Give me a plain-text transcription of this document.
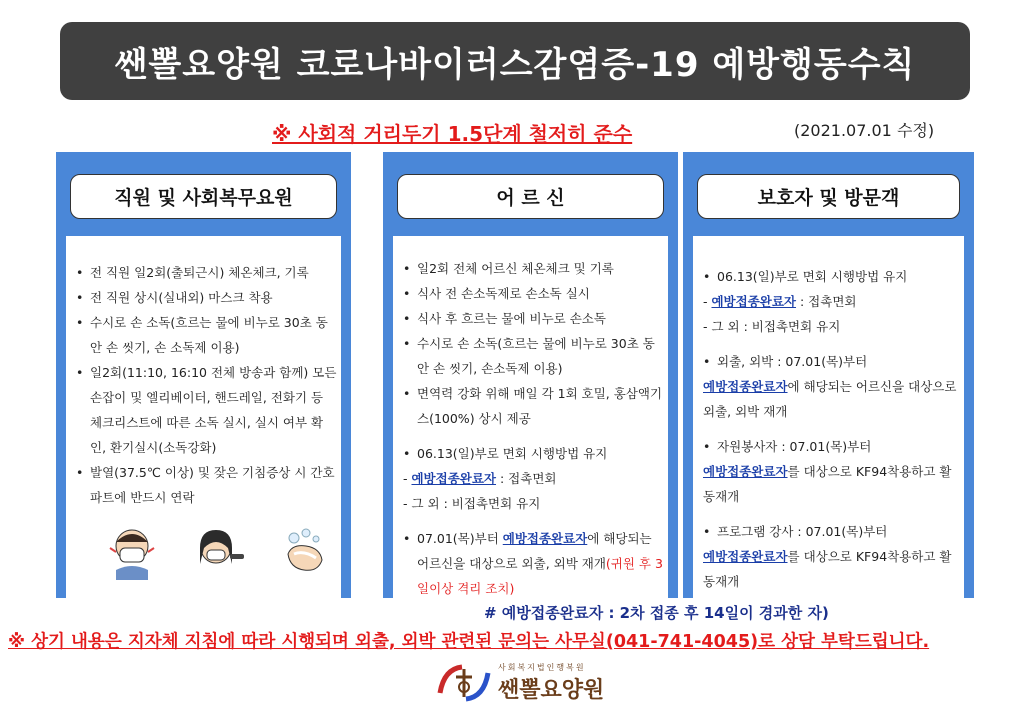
쌘뽈요양원 코로나바이러스감염증-19 예방행동수칙
※ 사회적 거리두기 1.5단계 철저히 준수	(2021.07.01 수정)
직원 및 사회복무요원
• 전 직원 일2회(출퇴근시) 체온체크, 기록
• 전 직원 상시(실내외) 마스크 착용
• 수시로 손 소독(흐르는 물에 비누로 30초 동안 손 씻기, 손 소독제 이용)
• 일2회(11:10, 16:10 전체 방송과 함께) 모든 손잡이 및 엘리베이터, 핸드레일, 전화기 등 체크리스트에 따른 소독 실시, 실시 여부 확인, 환기실시(소독강화)
• 발열(37.5℃ 이상) 및 잦은 기침증상 시 간호파트에 반드시 연락
어 르 신
• 일2회 전체 어르신 체온체크 및 기록
• 식사 전 손소독제로 손소독 실시
• 식사 후 흐르는 물에 비누로 손소독
• 수시로 손 소독(흐르는 물에 비누로 30초 동안 손 씻기, 손소독제 이용)
• 면역력 강화 위해 매일 각 1회 호밀, 홍삼액기스(100%) 상시 제공
• 06.13(일)부로 면회 시행방법 유지
- 예방접종완료자 : 접촉면회
- 그 외 : 비접촉면회 유지
• 07.01(목)부터 예방접종완료자에 해당되는 어르신을 대상으로 외출, 외박 재개(귀원 후 3일이상 격리 조치)
보호자 및 방문객
• 06.13(일)부로 면회 시행방법 유지
- 예방접종완료자 : 접촉면회
- 그 외 : 비접촉면회 유지
• 외출, 외박 : 07.01(목)부터
예방접종완료자에 해당되는 어르신을 대상으로 외출, 외박 재개
• 자원봉사자 : 07.01(목)부터
예방접종완료자를 대상으로 KF94착용하고 활동재개
• 프로그램 강사 : 07.01(목)부터
예방접종완료자를 대상으로 KF94착용하고 활동재개
# 예방접종완료자 : 2차 접종 후 14일이 경과한 자)
※ 상기 내용은 지자체 지침에 따라 시행되며 외출, 외박 관련된 문의는 사무실(041-741-4045)로 상담 부탁드립니다.
사회복지법인행복원
쌘뽈요양원
